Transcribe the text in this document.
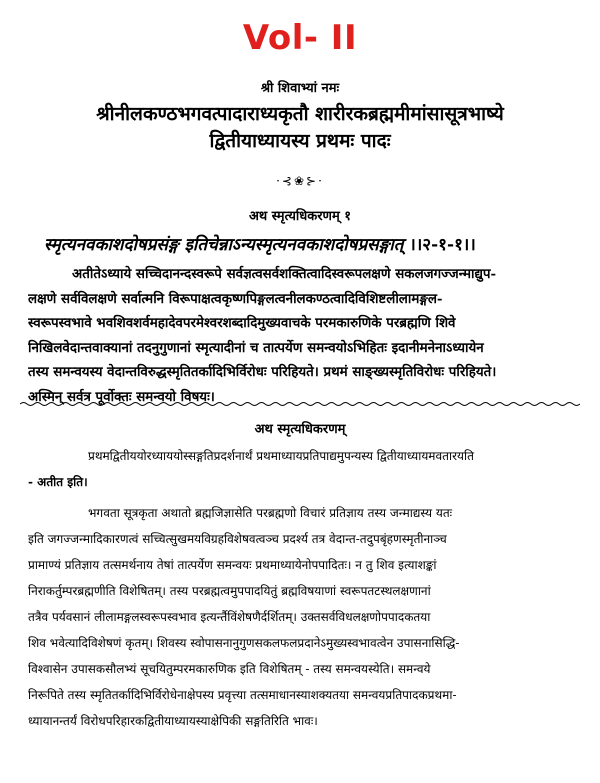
Vol- II
श्री शिवाभ्यां नमः
श्रीनीलकण्ठभगवत्पादाराध्यकृतौ शारीरकब्रह्ममीमांसासूत्रभाष्ये
द्वितीयाध्यायस्य प्रथमः पादः
·⊰❀⊱·
अथ स्मृत्यधिकरणम् १
स्मृत्यनवकाशदोषप्रसंङ्ग इतिचेन्नाऽन्यस्मृत्यनवकाशदोषप्रसङ्गात् ।।२-१-१।।
अतीतेऽध्याये सच्चिदानन्दस्वरूपे सर्वज्ञत्वसर्वशक्तित्वादिस्वरूपलक्षणे सकलजगज्जन्माद्युप-
लक्षणे सर्वविलक्षणे सर्वात्मनि विरूपाक्षत्वकृष्णपिङ्गलत्वनीलकण्ठत्वादिविशिष्टलीलामङ्गल-
स्वरूपस्वभावे भवशिवशर्वमहादेवपरमेश्वरशब्दादिमुख्यवाचके परमकारुणिके परब्रह्मणि शिवे
निखिलवेदान्तवाक्यानां तदनुगुणानां स्मृत्यादीनां च तात्पर्येण समन्वयोऽभिहितः इदानीमनेनाऽध्यायेन
तस्य समन्वयस्य वेदान्तविरुद्धस्मृतितर्कादिभिर्विरोधः परिहियते। प्रथमं साङ्ख्यस्मृतिविरोधः परिहियते।
अस्मिन् सर्वत्र पूर्वोक्तः समन्वयो विषयः।
अथ स्मृत्यधिकरणम्
प्रथमद्वितीययोरध्याययोस्सङ्गतिप्रदर्शनार्थं प्रथमाध्यायप्रतिपाद्यमुपन्यस्य द्वितीयाध्यायमवतारयति
- अतीत इति।
भगवता सूत्रकृता अथातो ब्रह्मजिज्ञासेति परब्रह्मणो विचारं प्रतिज्ञाय तस्य जन्माद्यस्य यतः
इति जगज्जन्मादिकारणत्वं सच्चित्सुखमयविग्रहविशेषवत्वञ्च प्रदर्श्य तत्र वेदान्त-तदुपबृंहणस्मृतीनाञ्च
प्रामाण्यं प्रतिज्ञाय तत्समर्थनाय तेषां तात्पर्येण समन्वयः प्रथमाध्यायेनोपपादितः। न तु शिव इत्याशङ्कां
निराकर्तुम्परब्रह्मणीति विशेषितम्। तस्य परब्रह्मत्वमुपपादयितुं ब्रह्मविषयाणां स्वरूपतटस्थलक्षणानां
तत्रैव पर्यवसानं लीलामङ्गलस्वरूपस्वभाव इत्यर्न्तैविंशेषणैर्दर्शितम्। उक्तसर्वविधलक्षणोपपादकतया
शिव भवेत्यादिविशेषणं कृतम्। शिवस्य स्वोपासनानुगुणसकलफलप्रदानेऽमुख्यस्वभावत्वेन उपासनासिद्धि-
विश्वासेन उपासकसौलभ्यं सूचयितुम्परमकारुणिक इति विशेषितम् - तस्य समन्वयस्येति। समन्वये
निरूपिते तस्य स्मृतितर्कादिभिर्विरोधेनाक्षेपस्य प्रवृत्त्या तत्समाधानस्याशक्यतया समन्वयप्रतिपादकप्रथमा-
ध्यायानन्तर्यं विरोधपरिहारकद्वितीयाध्यायस्याक्षेपिकी सङ्गतिरिति भावः।
